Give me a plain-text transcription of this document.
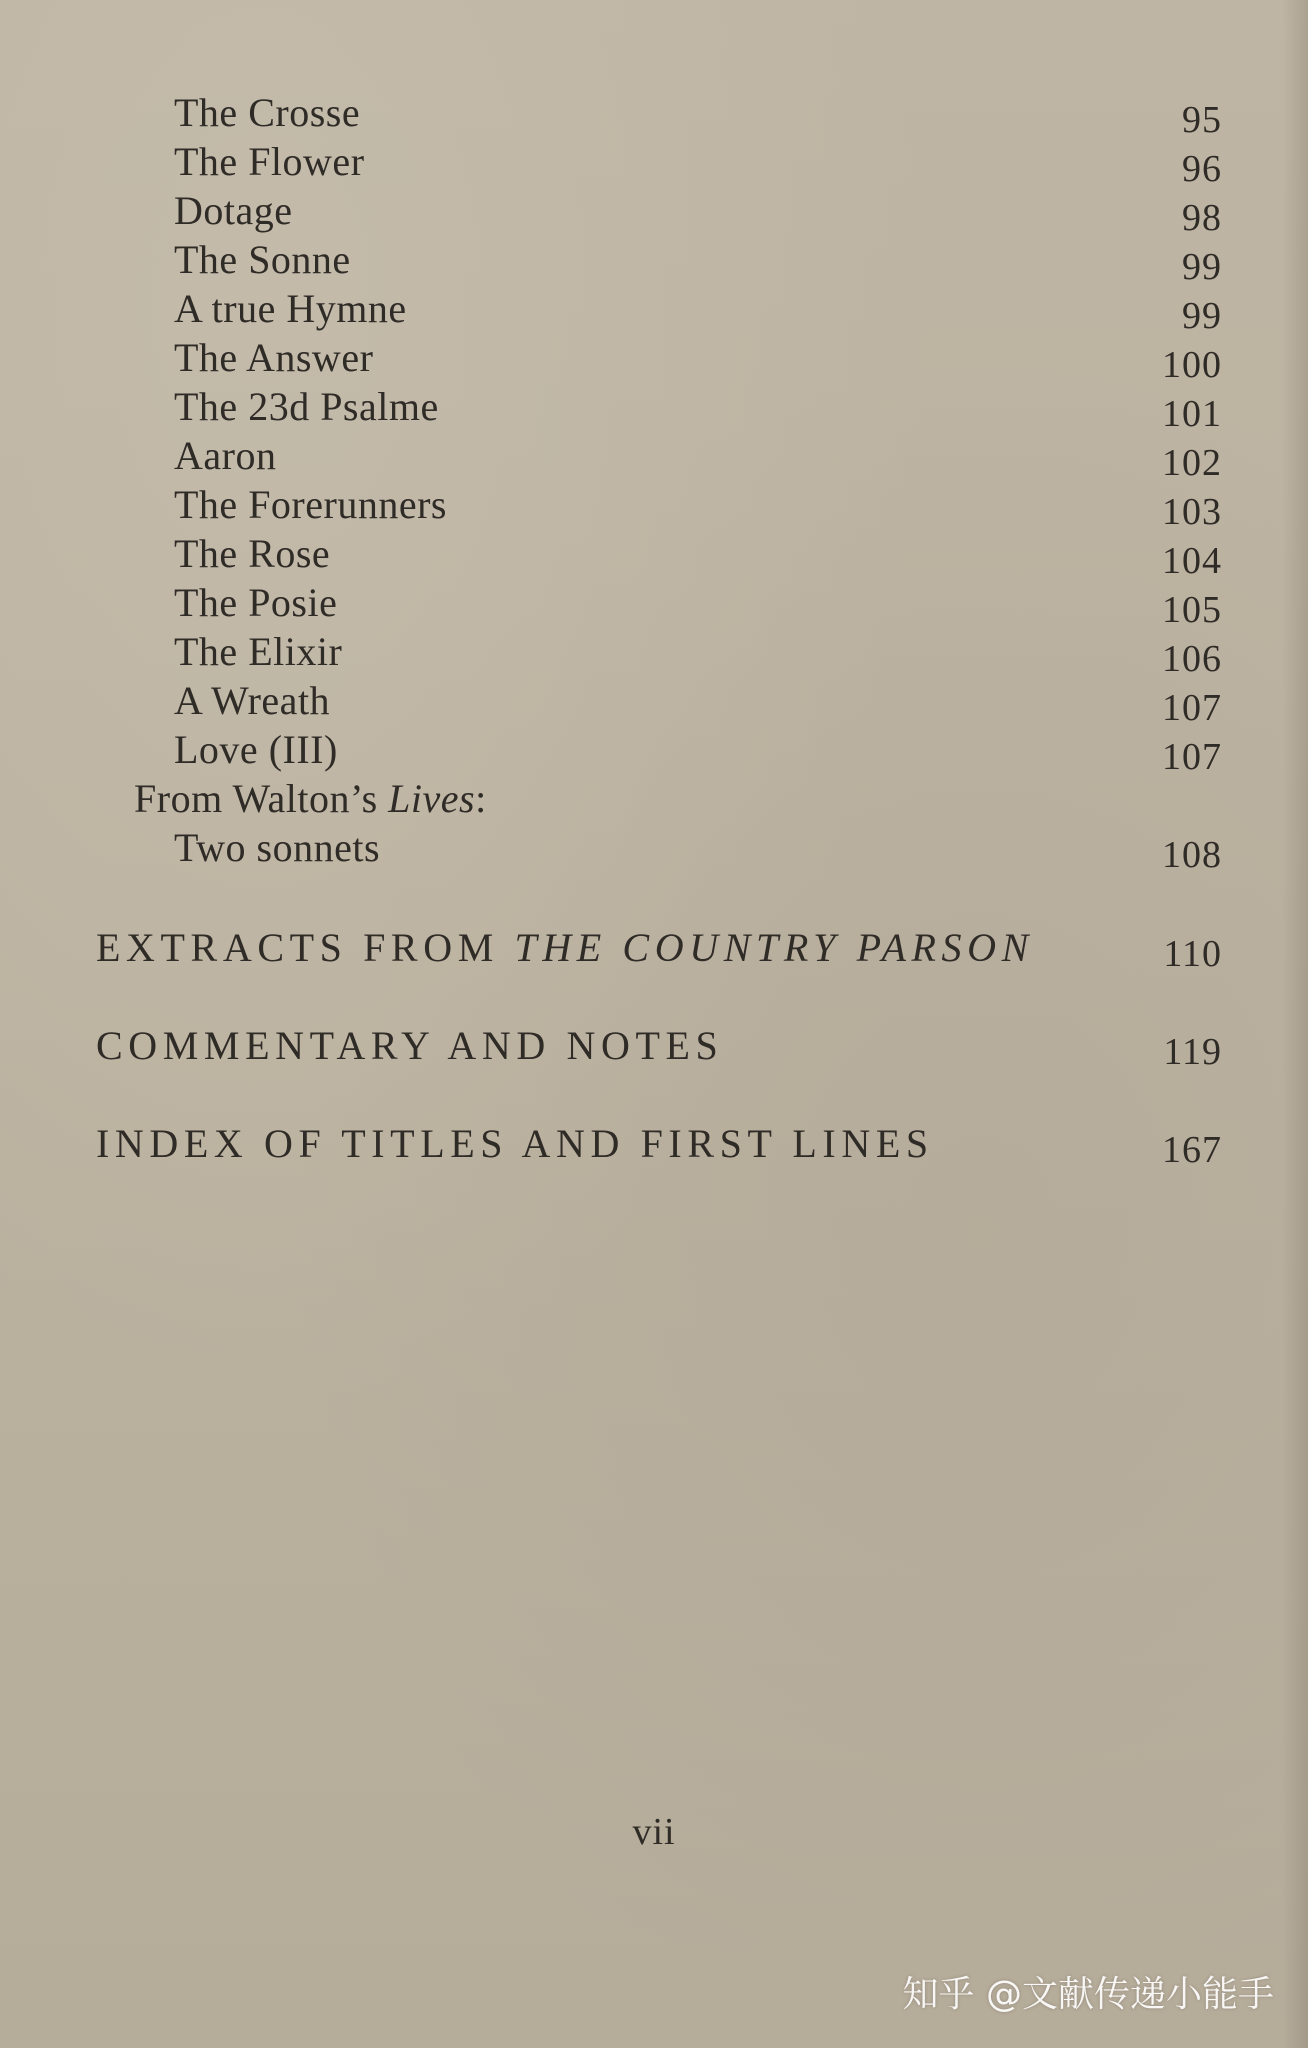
The Crosse	95
The Flower	96
Dotage	98
The Sonne	99
A true Hymne	99
The Answer	100
The 23d Psalme	101
Aaron	102
The Forerunners	103
The Rose	104
The Posie	105
The Elixir	106
A Wreath	107
Love (III)	107
From Walton’s Lives:
Two sonnets	108
EXTRACTS FROM THE COUNTRY PARSON	110
COMMENTARY AND NOTES	119
INDEX OF TITLES AND FIRST LINES	167
vii
知乎 @文献传递小能手
